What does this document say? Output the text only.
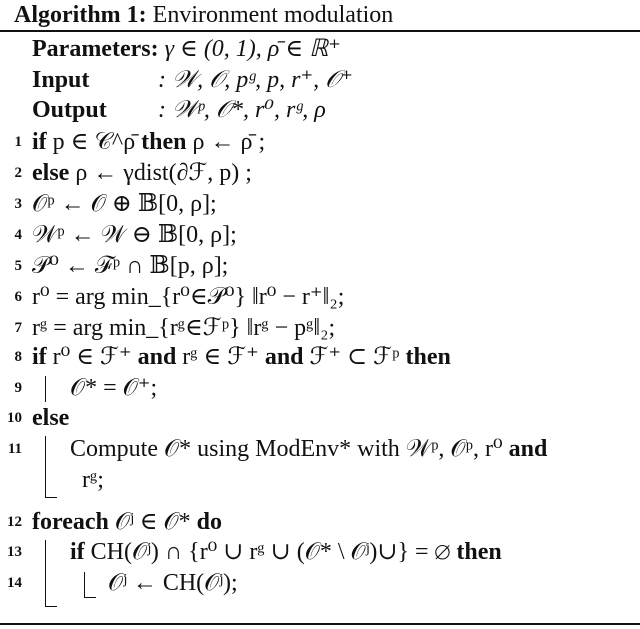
Algorithm 1: Environment modulation
Parameters: γ ∈ (0, 1), ρ̄ ∈ ℝ⁺
Input	: 𝒲, 𝒪, pᵍ, p, r⁺, 𝒪⁺
Output : 𝒲ᵖ, 𝒪*, r⁰, rᵍ, ρ
1 if p ∈ 𝒞^ρ̄ then ρ ← ρ̄ ;
2 else ρ ← γdist(∂ℱ, p) ;
3 𝒪ᵖ ← 𝒪 ⊕ 𝔹[0, ρ];
4 𝒲ᵖ ← 𝒲 ⊖ 𝔹[0, ρ];
5 𝒫⁰ ← ℱᵖ ∩ 𝔹[p, ρ];
6 r⁰ = arg min_{r⁰∈𝒫⁰} ‖r⁰ − r⁺‖₂;
7 rᵍ = arg min_{rᵍ∈ℱᵖ} ‖rᵍ − pᵍ‖₂;
8 if r⁰ ∈ ℱ⁺ and rᵍ ∈ ℱ⁺ and ℱ⁺ ⊂ ℱᵖ then
9 𝒪* = 𝒪⁺;
10 else
11 Compute 𝒪* using ModEnv* with 𝒲ᵖ, 𝒪ᵖ, r⁰ and
rᵍ;
12 foreach 𝒪ʲ ∈ 𝒪* do
13 if CH(𝒪ʲ) ∩ {r⁰ ∪ rᵍ ∪ (𝒪* \ 𝒪ʲ)∪} = ∅ then
14	𝒪ʲ ← CH(𝒪ʲ);
